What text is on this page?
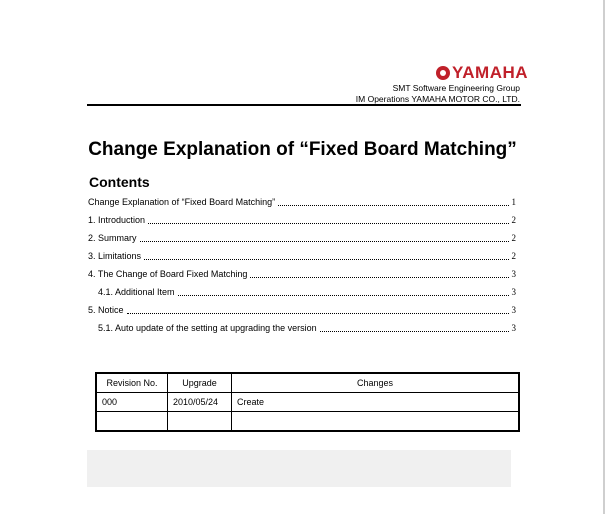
YAMAHA
SMT Software Engineering Group
IM Operations YAMAHA MOTOR CO., LTD.
Change Explanation of “Fixed Board Matching”
Contents
Change Explanation of “Fixed Board Matching”	1
1. Introduction	2
2. Summary	2
3. Limitations	2
4. The Change of Board Fixed Matching	3
4.1. Additional Item	3
5. Notice	3
5.1. Auto update of the setting at upgrading the version	3
Revision No.	Upgrade	Changes
000	2010/05/24	Create
